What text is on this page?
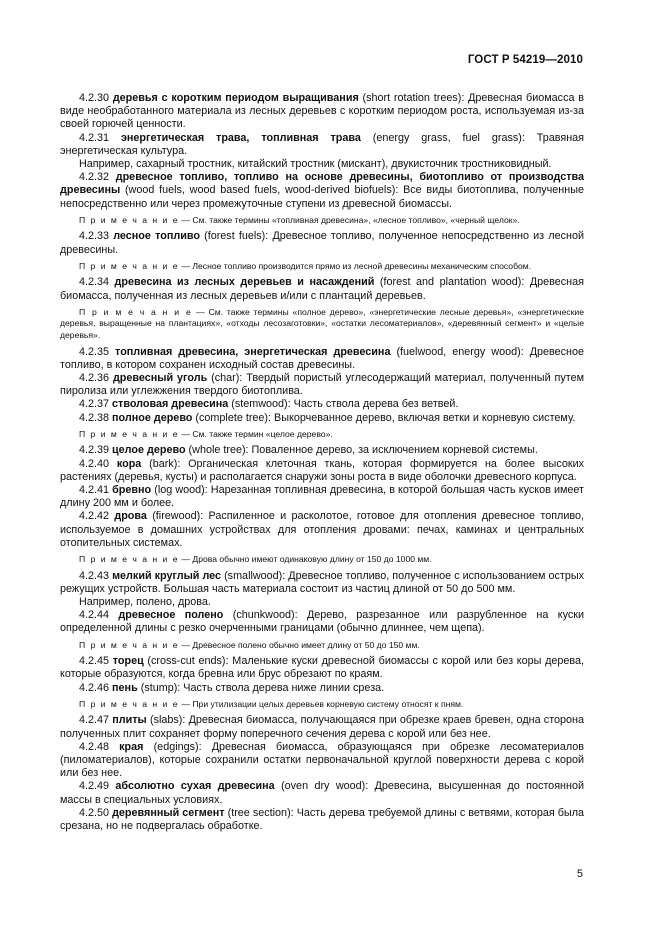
ГОСТ Р 54219—2010

4.2.30 деревья с коротким периодом выращивания (short rotation trees): Древесная биомасса в виде необработанного материала из лесных деревьев с коротким периодом роста, используемая из-за своей горючей ценности.

4.2.31 энергетическая трава, топливная трава (energy grass, fuel grass): Травяная энергетическая культура.

Например, сахарный тростник, китайский тростник (мискант), двукисточник тростниковидный.

4.2.32 древесное топливо, топливо на основе древесины, биотопливо от производства древесины (wood fuels, wood based fuels, wood-derived biofuels): Все виды биотоплива, полученные непосредственно или через промежуточные ступени из древесной биомассы.

П р и м е ч а н и е — См. также термины «топливная древесина», «лесное топливо», «черный щелок».

4.2.33 лесное топливо (forest fuels): Древесное топливо, полученное непосредственно из лесной древесины.

П р и м е ч а н и е — Лесное топливо производится прямо из лесной древесины механическим способом.

4.2.34 древесина из лесных деревьев и насаждений (forest and plantation wood): Древесная биомасса, полученная из лесных деревьев и/или с плантаций деревьев.

П р и м е ч а н и е — См. также термины «полное дерево», «энергетические лесные деревья», «энергетические деревья, выращенные на плантациях», «отходы лесозаготовки», «остатки лесоматериалов», «деревянный сегмент» и «целые деревья».

4.2.35 топливная древесина, энергетическая древесина (fuelwood, energy wood): Древесное топливо, в котором сохранен исходный состав древесины.

4.2.36 древесный уголь (char): Твердый пористый углесодержащий материал, полученный путем пиролиза или углежжения твердого биотоплива.

4.2.37 стволовая древесина (stemwood): Часть ствола дерева без ветвей.

4.2.38 полное дерево (complete tree): Выкорчеванное дерево, включая ветки и корневую систему.

П р и м е ч а н и е — См. также термин «целое дерево».

4.2.39 целое дерево (whole tree): Поваленное дерево, за исключением корневой системы.

4.2.40 кора (bark): Органическая клеточная ткань, которая формируется на более высоких растениях (деревья, кусты) и располагается снаружи зоны роста в виде оболочки древесного корпуса.

4.2.41 бревно (log wood): Нарезанная топливная древесина, в которой большая часть кусков имеет длину 200 мм и более.

4.2.42 дрова (firewood): Распиленное и расколотое, готовое для отопления древесное топливо, используемое в домашних устройствах для отопления дровами: печах, каминах и центральных отопительных системах.

П р и м е ч а н и е — Дрова обычно имеют одинаковую длину от 150 до 1000 мм.

4.2.43 мелкий круглый лес (smallwood): Древесное топливо, полученное с использованием острых режущих устройств. Большая часть материала состоит из частиц длиной от 50 до 500 мм.

Например, полено, дрова.

4.2.44 древесное полено (chunkwood): Дерево, разрезанное или разрубленное на куски определенной длины с резко очерченными границами (обычно длиннее, чем щепа).

П р и м е ч а н и е — Древесное полено обычно имеет длину от 50 до 150 мм.

4.2.45 торец (cross-cut ends): Маленькие куски древесной биомассы с корой или без коры дерева, которые образуются, когда бревна или брус обрезают по краям.

4.2.46 пень (stump): Часть ствола дерева ниже линии среза.

П р и м е ч а н и е — При утилизации целых деревьев корневую систему относят к пням.

4.2.47 плиты (slabs): Древесная биомасса, получающаяся при обрезке краев бревен, одна сторона полученных плит сохраняет форму поперечного сечения дерева с корой или без нее.

4.2.48 края (edgings): Древесная биомасса, образующаяся при обрезке лесоматериалов (пиломатериалов), которые сохранили остатки первоначальной круглой поверхности дерева с корой или без нее.

4.2.49 абсолютно сухая древесина (oven dry wood): Древесина, высушенная до постоянной массы в специальных условиях.

4.2.50 деревянный сегмент (tree section): Часть дерева требуемой длины с ветвями, которая была срезана, но не подвергалась обработке.

5
